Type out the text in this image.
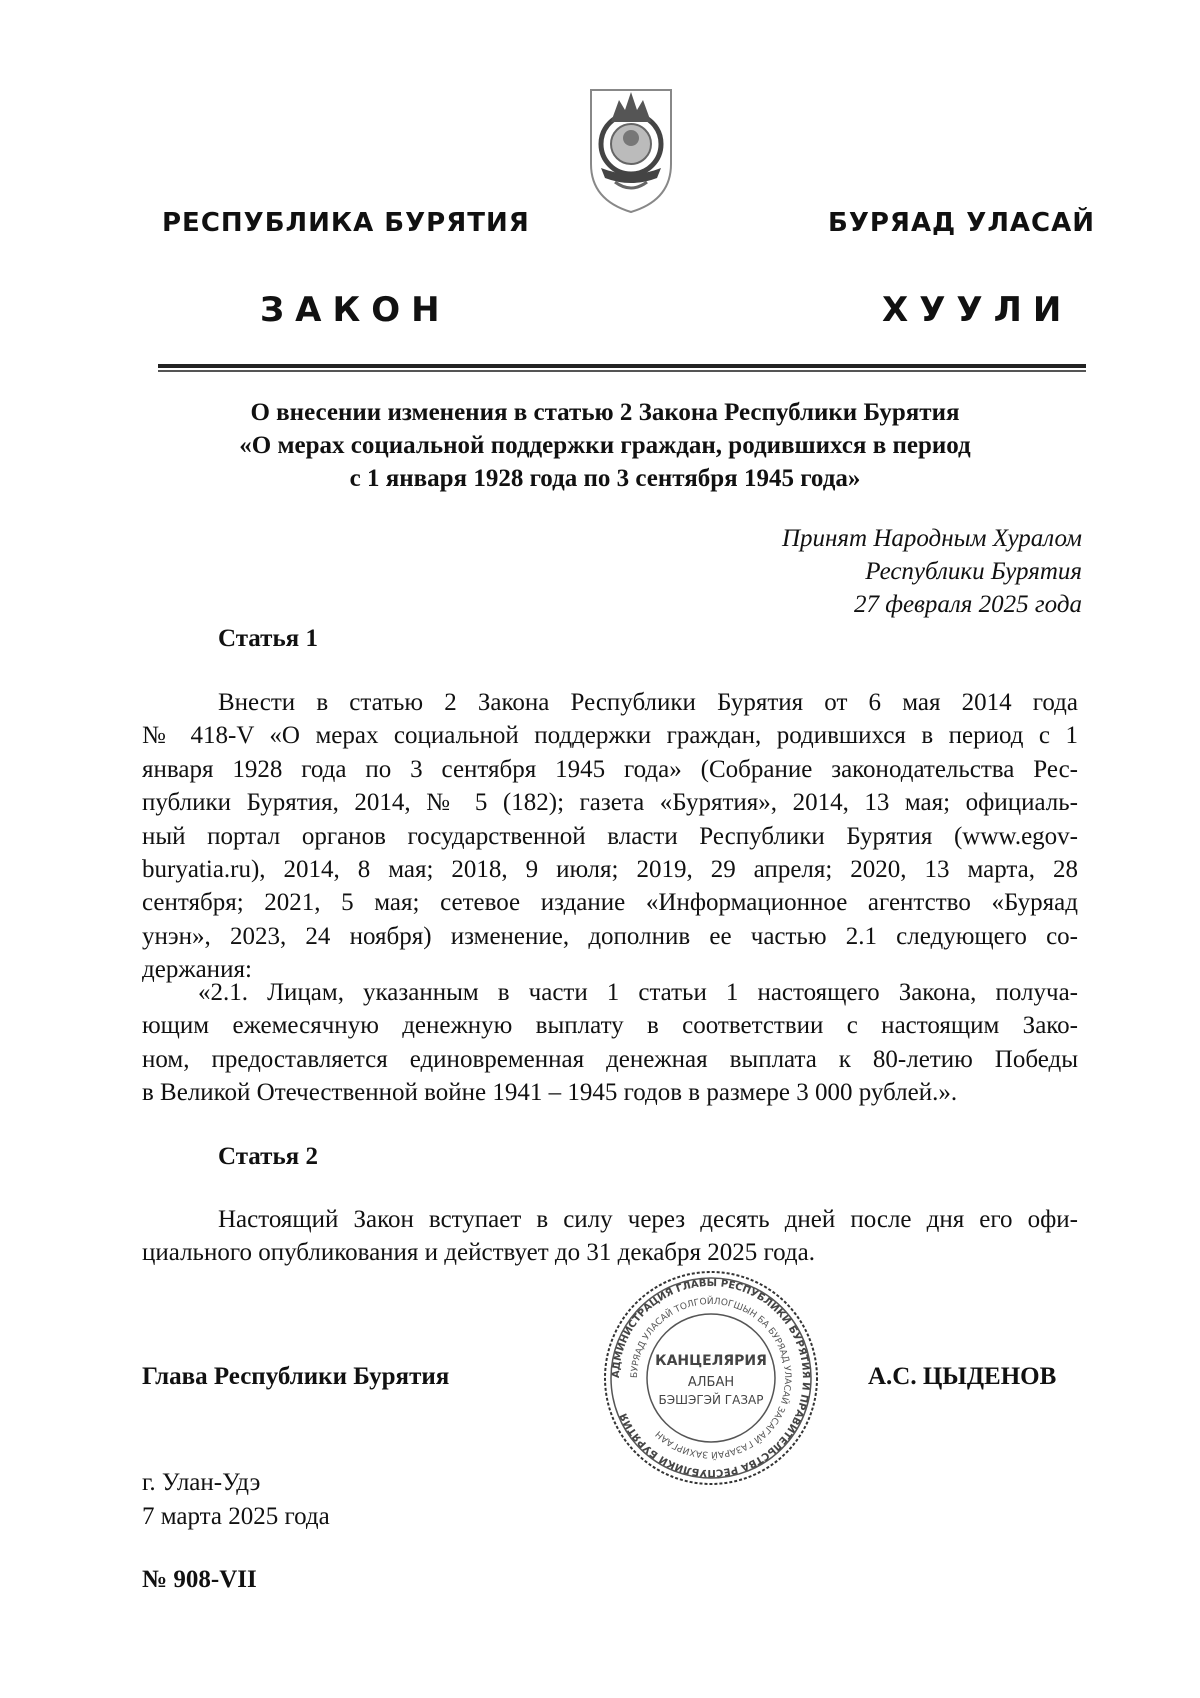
РЕСПУБЛИКА БУРЯТИЯ	БУРЯАД УЛАСАЙ
ЗАКОН	ХУУЛИ
О внесении изменения в статью 2 Закона Республики Бурятия
«О мерах социальной поддержки граждан, родившихся в период
с 1 января 1928 года по 3 сентября 1945 года»
Принят Народным Хуралом
Республики Бурятия
27 февраля 2025 года
Статья 1
Внести в статью 2 Закона Республики Бурятия от 6 мая 2014 года
№ 418-V «О мерах социальной поддержки граждан, родившихся в период с 1
января 1928 года по 3 сентября 1945 года» (Собрание законодательства Рес-
публики Бурятия, 2014, № 5 (182); газета «Бурятия», 2014, 13 мая; официаль-
ный портал органов государственной власти Республики Бурятия (www.egov-
buryatia.ru), 2014, 8 мая; 2018, 9 июля; 2019, 29 апреля; 2020, 13 марта, 28
сентября; 2021, 5 мая; сетевое издание «Информационное агентство «Буряад
унэн», 2023, 24 ноября) изменение, дополнив ее частью 2.1 следующего со-
держания:
«2.1. Лицам, указанным в части 1 статьи 1 настоящего Закона, получа-
ющим ежемесячную денежную выплату в соответствии с настоящим Зако-
ном, предоставляется единовременная денежная выплата к 80-летию Победы
в Великой Отечественной войне 1941 – 1945 годов в размере 3 000 рублей.».
Статья 2
Настоящий Закон вступает в силу через десять дней после дня его офи-
циального опубликования и действует до 31 декабря 2025 года.
Глава Республики Бурятия	А.С. ЦЫДЕНОВ
АДМИНИСТРАЦИЯ ГЛАВЫ РЕСПУБЛИКИ БУРЯТИЯ И ПРАВИТЕЛЬСТВА РЕСПУБЛИКИ БУРЯТИЯ
БУРЯАД УЛАСАЙ ТОЛГОЙЛОГШЫН БА БУРЯАД УЛАСАЙ ЗАСАГАЙ ГАЗАРАЙ ЗАХИРГААН
КАНЦЕЛЯРИЯ
АЛБАН
БЭШЭГЭЙ ГАЗАР
г. Улан-Удэ
7 марта 2025 года
№ 908-VII
